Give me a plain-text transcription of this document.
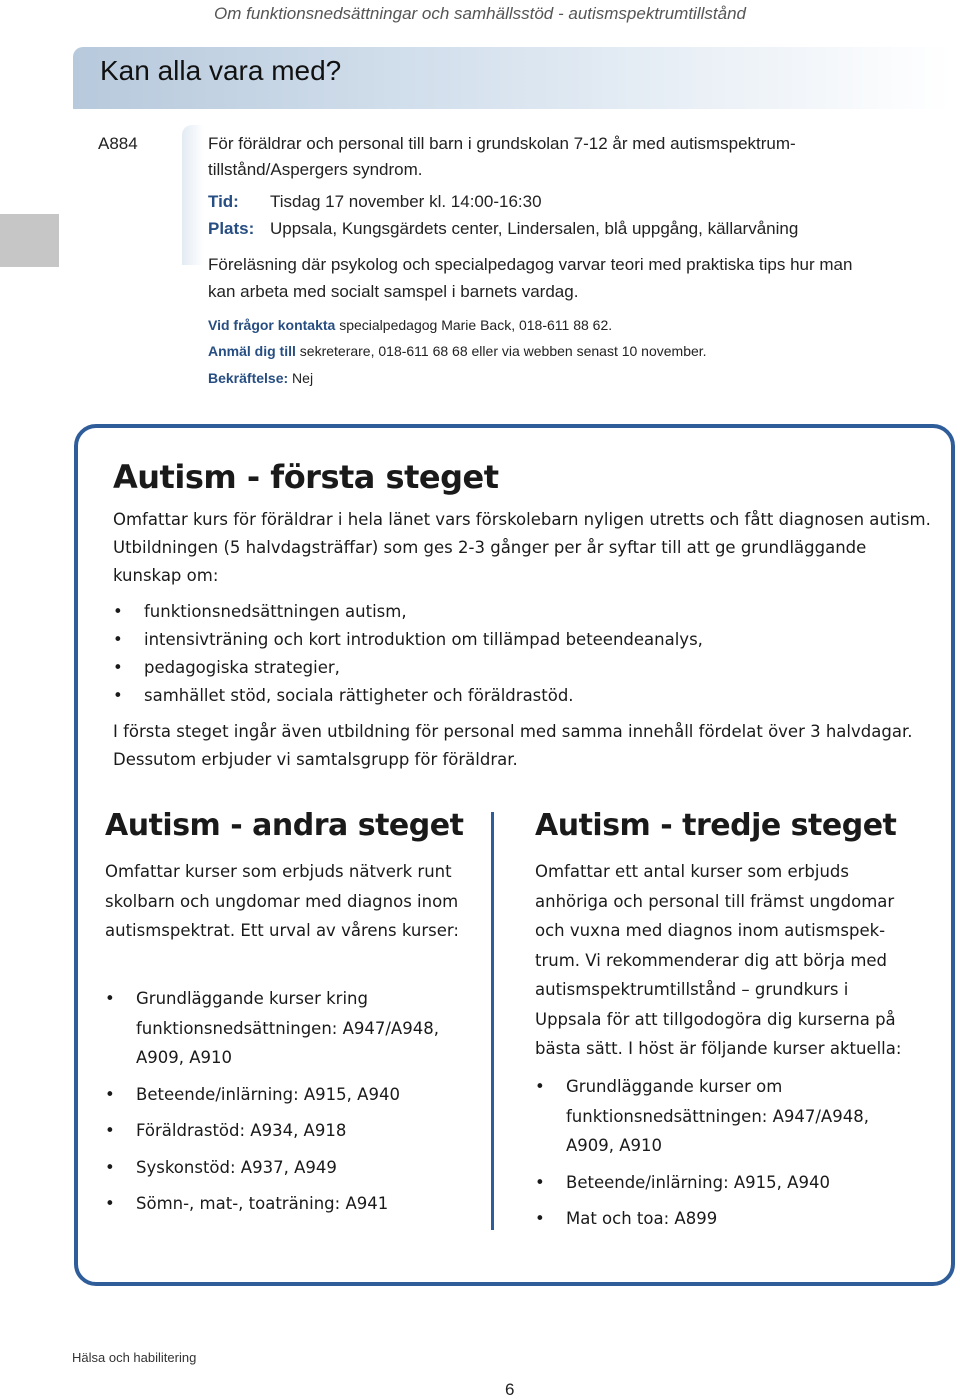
Om funktionsnedsättningar och samhällsstöd - autismspektrumtillstånd
Kan alla vara med?
A884	För föräldrar och personal till barn i grundskolan 7-12 år med autismspektrum-tillstånd/Aspergers syndrom.
Tid:	Tisdag 17 november kl. 14:00-16:30
Plats: Uppsala, Kungsgärdets center, Lindersalen, blå uppgång, källarvåning
Föreläsning där psykolog och specialpedagog varvar teori med praktiska tips hur man kan arbeta med socialt samspel i barnets vardag.
Vid frågor kontakta specialpedagog Marie Back, 018-611 88 62.
Anmäl dig till sekreterare, 018-611 68 68 eller via webben senast 10 november.
Bekräftelse: Nej
Autism - första steget
Omfattar kurs för föräldrar i hela länet vars förskolebarn nyligen utretts och fått diagnosen autism. Utbildningen (5 halvdagsträffar) som ges 2-3 gånger per år syftar till att ge grundläggande kunskap om:
• funktionsnedsättningen autism,
• intensivträning och kort introduktion om tillämpad beteendeanalys,
• pedagogiska strategier,
• samhället stöd, sociala rättigheter och föräldrastöd.
I första steget ingår även utbildning för personal med samma innehåll fördelat över 3 halvdagar. Dessutom erbjuder vi samtalsgrupp för föräldrar.
Autism - andra steget
Omfattar kurser som erbjuds nätverk runt skolbarn och ungdomar med diagnos inom autismspektrat. Ett urval av vårens kurser:
• Grundläggande kurser kring funktionsnedsättningen: A947/A948, A909, A910
• Beteende/inlärning: A915, A940
• Föräldrastöd: A934, A918
• Syskonstöd: A937, A949
• Sömn-, mat-, toaträning: A941
Autism - tredje steget
Omfattar ett antal kurser som erbjuds anhöriga och personal till främst ungdomar och vuxna med diagnos inom autismspek-trum. Vi rekommenderar dig att börja med autismspektrumtillstånd – grundkurs i Uppsala för att tillgodogöra dig kurserna på bästa sätt. I höst är följande kurser aktuella:
• Grundläggande kurser om funktionsnedsättningen: A947/A948, A909, A910
• Beteende/inlärning: A915, A940
• Mat och toa: A899
Hälsa och habilitering
6
